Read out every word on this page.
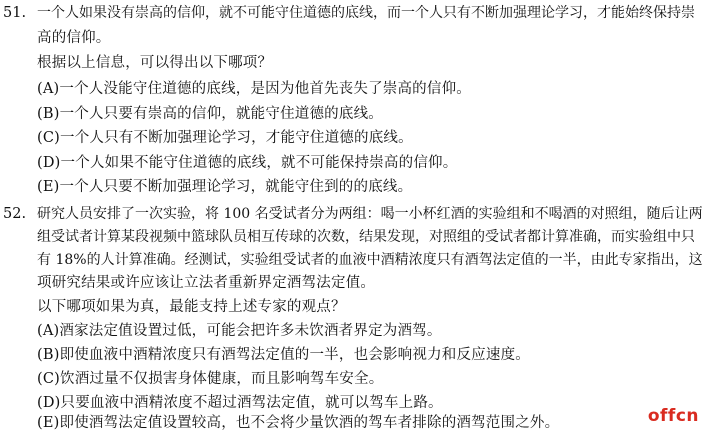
51. 一个人如果没有崇高的信仰，就不可能守住道德的底线，而一个人只有不断加强理论学习，才能始终保持崇
高的信仰。
根据以上信息，可以得出以下哪项？
(A)一个人没能守住道德的底线，是因为他首先丧失了崇高的信仰。
(B)一个人只要有崇高的信仰，就能守住道德的底线。
(C)一个人只有不断加强理论学习，才能守住道德的底线。
(D)一个人如果不能守住道德的底线，就不可能保持崇高的信仰。
(E)一个人只要不断加强理论学习，就能守住到的的底线。
52. 研究人员安排了一次实验，将 100 名受试者分为两组：喝一小杯红酒的实验组和不喝酒的对照组，随后让两
组受试者计算某段视频中篮球队员相互传球的次数，结果发现，对照组的受试者都计算准确，而实验组中只
有 18%的人计算准确。经测试，实验组受试者的血液中酒精浓度只有酒驾法定值的一半，由此专家指出，这
项研究结果或许应该让立法者重新界定酒驾法定值。
以下哪项如果为真，最能支持上述专家的观点？
(A)酒家法定值设置过低，可能会把许多未饮酒者界定为酒驾。
(B)即使血液中酒精浓度只有酒驾法定值的一半，也会影响视力和反应速度。
(C)饮酒过量不仅损害身体健康，而且影响驾车安全。
(D)只要血液中酒精浓度不超过酒驾法定值，就可以驾车上路。
(E)即使酒驾法定值设置较高，也不会将少量饮酒的驾车者排除的酒驾范围之外。	offcn
